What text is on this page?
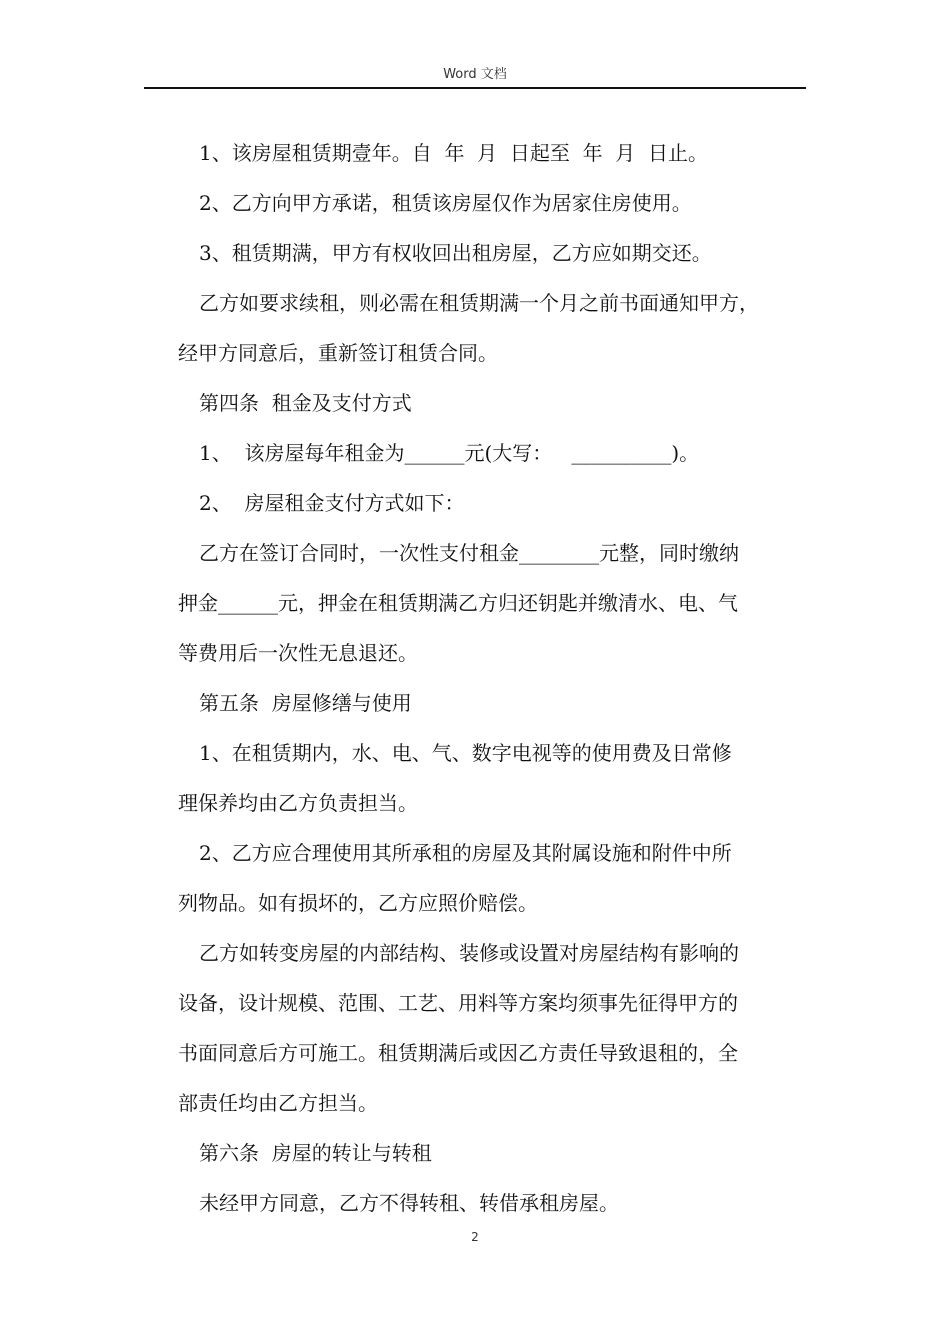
Word 文档
1、该房屋租赁期壹年。自  年  月  日起至  年  月  日止。
2、乙方向甲方承诺，租赁该房屋仅作为居家住房使用。
3、租赁期满，甲方有权收回出租房屋，乙方应如期交还。
乙方如要求续租，则必需在租赁期满一个月之前书面通知甲方，
经甲方同意后，重新签订租赁合同。
第四条  租金及支付方式
1、  该房屋每年租金为______元(大写：   __________)。
2、  房屋租金支付方式如下：
乙方在签订合同时，一次性支付租金________元整，同时缴纳
押金______元，押金在租赁期满乙方归还钥匙并缴清水、电、气
等费用后一次性无息退还。
第五条  房屋修缮与使用
1、在租赁期内，水、电、气、数字电视等的使用费及日常修
理保养均由乙方负责担当。
2、乙方应合理使用其所承租的房屋及其附属设施和附件中所
列物品。如有损坏的，乙方应照价赔偿。
乙方如转变房屋的内部结构、装修或设置对房屋结构有影响的
设备，设计规模、范围、工艺、用料等方案均须事先征得甲方的
书面同意后方可施工。租赁期满后或因乙方责任导致退租的，全
部责任均由乙方担当。
第六条  房屋的转让与转租
未经甲方同意，乙方不得转租、转借承租房屋。
2
